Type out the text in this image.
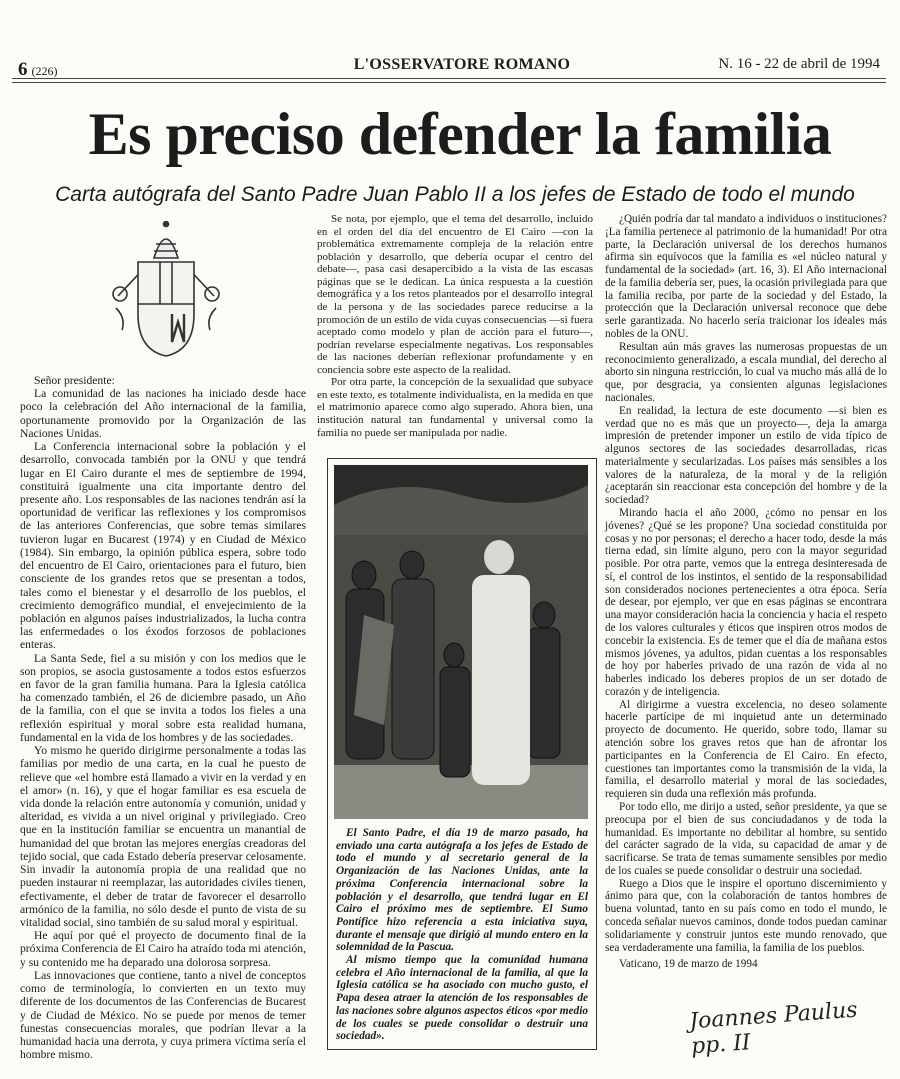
6 (226)	L'OSSERVATORE ROMANO	N. 16 - 22 de abril de 1994
Es preciso defender la familia
Carta autógrafa del Santo Padre Juan Pablo II a los jefes de Estado de todo el mundo

Señor presidente:

La comunidad de las naciones ha iniciado desde hace poco la celebración del Año internacional de la familia, oportunamente promovido por la Organización de las Naciones Unidas.

La Conferencia internacional sobre la población y el desarrollo, convocada también por la ONU y que tendrá lugar en El Cairo durante el mes de septiembre de 1994, constituirá igualmente una cita importante dentro del presente año. Los responsables de las naciones tendrán así la oportunidad de verificar las reflexiones y los compromisos de las anteriores Conferencias, que sobre temas similares tuvieron lugar en Bucarest (1974) y en Ciudad de México (1984). Sin embargo, la opinión pública espera, sobre todo del encuentro de El Cairo, orientaciones para el futuro, bien consciente de los grandes retos que se presentan a todos, tales como el bienestar y el desarrollo de los pueblos, el crecimiento demográfico mundial, el envejecimiento de la población en algunos países industrializados, la lucha contra las enfermedades o los éxodos forzosos de poblaciones enteras.

La Santa Sede, fiel a su misión y con los medios que le son propios, se asocia gustosamente a todos estos esfuerzos en favor de la gran familia humana. Para la Iglesia católica ha comenzado también, el 26 de diciembre pasado, un Año de la familia, con el que se invita a todos los fieles a una reflexión espiritual y moral sobre esta realidad humana, fundamental en la vida de los hombres y de las sociedades.

Yo mismo he querido dirigirme personalmente a todas las familias por medio de una carta, en la cual he puesto de relieve que «el hombre está llamado a vivir en la verdad y en el amor» (n. 16), y que el hogar familiar es esa escuela de vida donde la relación entre autonomía y comunión, unidad y alteridad, es vivida a un nivel original y privilegiado. Creo que en la institución familiar se encuentra un manantial de humanidad del que brotan las mejores energías creadoras del tejido social, que cada Estado debería preservar celosamente. Sin invadir la autonomía propia de una realidad que no pueden instaurar ni reemplazar, las autoridades civiles tienen, efectivamente, el deber de tratar de favorecer el desarrollo armónico de la familia, no sólo desde el punto de vista de su vitalidad social, sino también de su salud moral y espiritual.

He aquí por qué el proyecto de documento final de la próxima Conferencia de El Cairo ha atraído toda mi atención, y su contenido me ha deparado una dolorosa sorpresa.

Las innovaciones que contiene, tanto a nivel de conceptos como de terminología, lo convierten en un texto muy diferente de los documentos de las Conferencias de Bucarest y de Ciudad de México. No se puede por menos de temer funestas consecuencias morales, que podrían llevar a la humanidad hacia una derrota, y cuya primera víctima sería el hombre mismo.

Se nota, por ejemplo, que el tema del desarrollo, incluido en el orden del día del encuentro de El Cairo —con la problemática extremamente compleja de la relación entre población y desarrollo, que debería ocupar el centro del debate—, pasa casi desapercibido a la vista de las escasas páginas que se le dedican. La única respuesta a la cuestión demográfica y a los retos planteados por el desarrollo integral de la persona y de las sociedades parece reducirse a la promoción de un estilo de vida cuyas consecuencias —si fuera aceptado como modelo y plan de acción para el futuro—, podrían revelarse especialmente negativas. Los responsables de las naciones deberían reflexionar profundamente y en conciencia sobre este aspecto de la realidad.

Por otra parte, la concepción de la sexualidad que subyace en este texto, es totalmente individualista, en la medida en que el matrimonio aparece como algo superado. Ahora bien, una institución natural tan fundamental y universal como la familia no puede ser manipulada por nadie.

El Santo Padre, el día 19 de marzo pasado, ha enviado una carta autógrafa a los jefes de Estado de todo el mundo y al secretario general de la Organización de las Naciones Unidas, ante la próxima Conferencia internacional sobre la población y el desarrollo, que tendrá lugar en El Cairo el próximo mes de septiembre. El Sumo Pontífice hizo referencia a esta iniciativa suya, durante el mensaje que dirigió al mundo entero en la solemnidad de la Pascua.

Al mismo tiempo que la comunidad humana celebra el Año internacional de la familia, al que la Iglesia católica se ha asociado con mucho gusto, el Papa desea atraer la atención de los responsables de las naciones sobre algunos aspectos éticos «por medio de los cuales se puede consolidar o destruir una sociedad».

¿Quién podría dar tal mandato a individuos o instituciones? ¡La familia pertenece al patrimonio de la humanidad! Por otra parte, la Declaración universal de los derechos humanos afirma sin equívocos que la familia es «el núcleo natural y fundamental de la sociedad» (art. 16, 3). El Año internacional de la familia debería ser, pues, la ocasión privilegiada para que la familia reciba, por parte de la sociedad y del Estado, la protección que la Declaración universal reconoce que debe serle garantizada. No hacerlo sería traicionar los ideales más nobles de la ONU.

Resultan aún más graves las numerosas propuestas de un reconocimiento generalizado, a escala mundial, del derecho al aborto sin ninguna restricción, lo cual va mucho más allá de lo que, por desgracia, ya consienten algunas legislaciones nacionales.

En realidad, la lectura de este documento —si bien es verdad que no es más que un proyecto—, deja la amarga impresión de pretender imponer un estilo de vida típico de algunos sectores de las sociedades desarrolladas, ricas materialmente y secularizadas. Los países más sensibles a los valores de la naturaleza, de la moral y de la religión ¿aceptarán sin reaccionar esta concepción del hombre y de la sociedad?

Mirando hacia el año 2000, ¿cómo no pensar en los jóvenes? ¿Qué se les propone? Una sociedad constituida por cosas y no por personas; el derecho a hacer todo, desde la más tierna edad, sin límite alguno, pero con la mayor seguridad posible. Por otra parte, vemos que la entrega desinteresada de sí, el control de los instintos, el sentido de la responsabilidad son considerados nociones pertenecientes a otra época. Sería de desear, por ejemplo, ver que en esas páginas se encontrara una mayor consideración hacia la conciencia y hacia el respeto de los valores culturales y éticos que inspiren otros modos de concebir la existencia. Es de temer que el día de mañana estos mismos jóvenes, ya adultos, pidan cuentas a los responsables de hoy por haberles privado de una razón de vida al no haberles indicado los deberes propios de un ser dotado de corazón y de inteligencia.

Al dirigirme a vuestra excelencia, no deseo solamente hacerle partícipe de mi inquietud ante un determinado proyecto de documento. He querido, sobre todo, llamar su atención sobre los graves retos que han de afrontar los participantes en la Conferencia de El Cairo. En efecto, cuestiones tan importantes como la transmisión de la vida, la familia, el desarrollo material y moral de las sociedades, requieren sin duda una reflexión más profunda.

Por todo ello, me dirijo a usted, señor presidente, ya que se preocupa por el bien de sus conciudadanos y de toda la humanidad. Es importante no debilitar al hombre, su sentido del carácter sagrado de la vida, su capacidad de amar y de sacrificarse. Se trata de temas sumamente sensibles por medio de los cuales se puede consolidar o destruir una sociedad.

Ruego a Dios que le inspire el oportuno discernimiento y ánimo para que, con la colaboración de tantos hombres de buena voluntad, tanto en su país como en todo el mundo, le conceda señalar nuevos caminos, donde todos puedan caminar solidariamente y construir juntos este mundo renovado, que sea verdaderamente una familia, la familia de los pueblos.

Vaticano, 19 de marzo de 1994

Joannes Paulus pp. II
